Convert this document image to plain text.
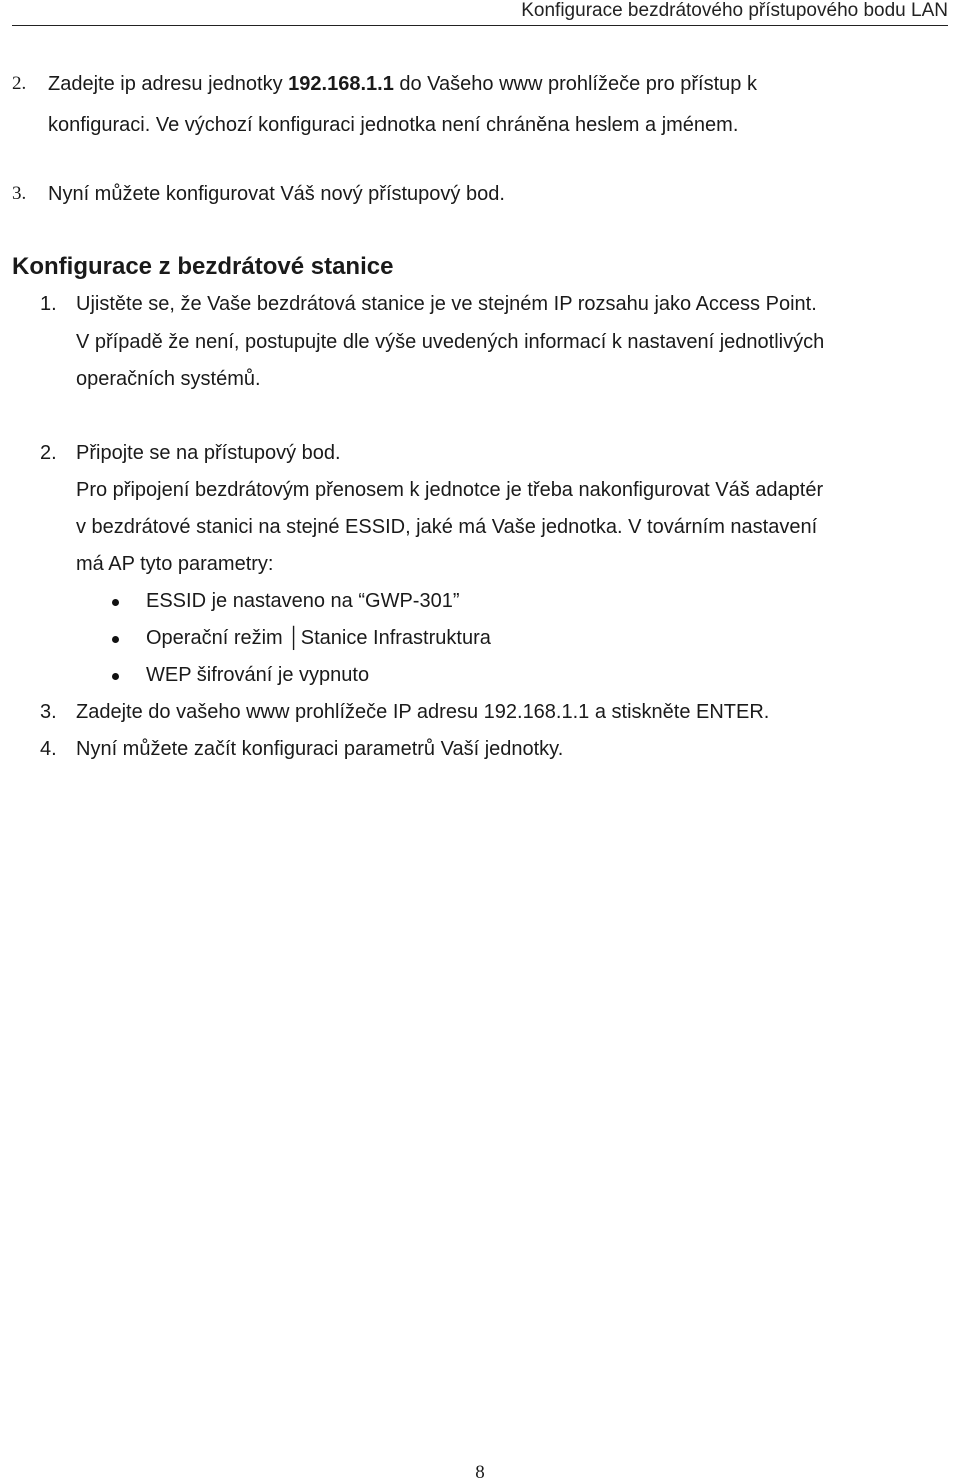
Konfigurace bezdrátového přístupového bodu LAN
2. Zadejte ip adresu jednotky 192.168.1.1 do Vašeho www prohlížeče pro přístup k
konfiguraci. Ve výchozí konfiguraci jednotka není chráněna heslem a jménem.
3. Nyní můžete konfigurovat Váš nový přístupový bod.
Konfigurace z bezdrátové stanice
1. Ujistěte se, že Vaše bezdrátová stanice je ve stejném IP rozsahu jako Access Point.
V případě že není, postupujte dle výše uvedených informací k nastavení jednotlivých
operačních systémů.
2. Připojte se na přístupový bod.
Pro připojení bezdrátovým přenosem k jednotce je třeba nakonfigurovat Váš adaptér
v bezdrátové stanici na stejné ESSID, jaké má Vaše jednotka. V továrním nastavení
má AP tyto parametry:
ESSID je nastaveno na “GWP-301”
Operační režim │Stanice Infrastruktura
WEP šifrování je vypnuto
3. Zadejte do vašeho www prohlížeče IP adresu 192.168.1.1 a stiskněte ENTER.
4. Nyní můžete začít konfiguraci parametrů Vaší jednotky.
8
